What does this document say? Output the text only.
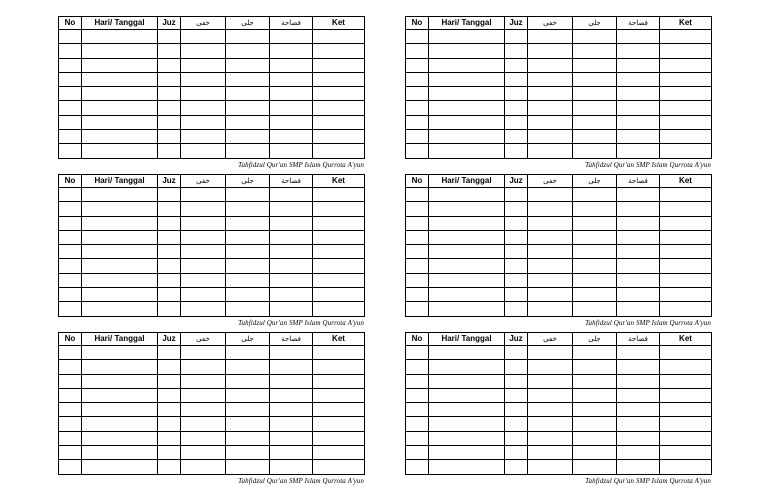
No	Hari/ Tanggal	Juz	خفى	جلى	فصاحة	Ket

Tahfidzul Qur'an SMP Islam Qurrota A'yun
No	Hari/ Tanggal	Juz	خفى	جلى	فصاحة	Ket

Tahfidzul Qur'an SMP Islam Qurrota A'yun
No	Hari/ Tanggal	Juz	خفى	جلى	فصاحة	Ket

Tahfidzul Qur'an SMP Islam Qurrota A'yun
No	Hari/ Tanggal	Juz	خفى	جلى	فصاحة	Ket

Tahfidzul Qur'an SMP Islam Qurrota A'yun
No	Hari/ Tanggal	Juz	خفى	جلى	فصاحة	Ket

Tahfidzul Qur'an SMP Islam Qurrota A'yun
No	Hari/ Tanggal	Juz	خفى	جلى	فصاحة	Ket

Tahfidzul Qur'an SMP Islam Qurrota A'yun
